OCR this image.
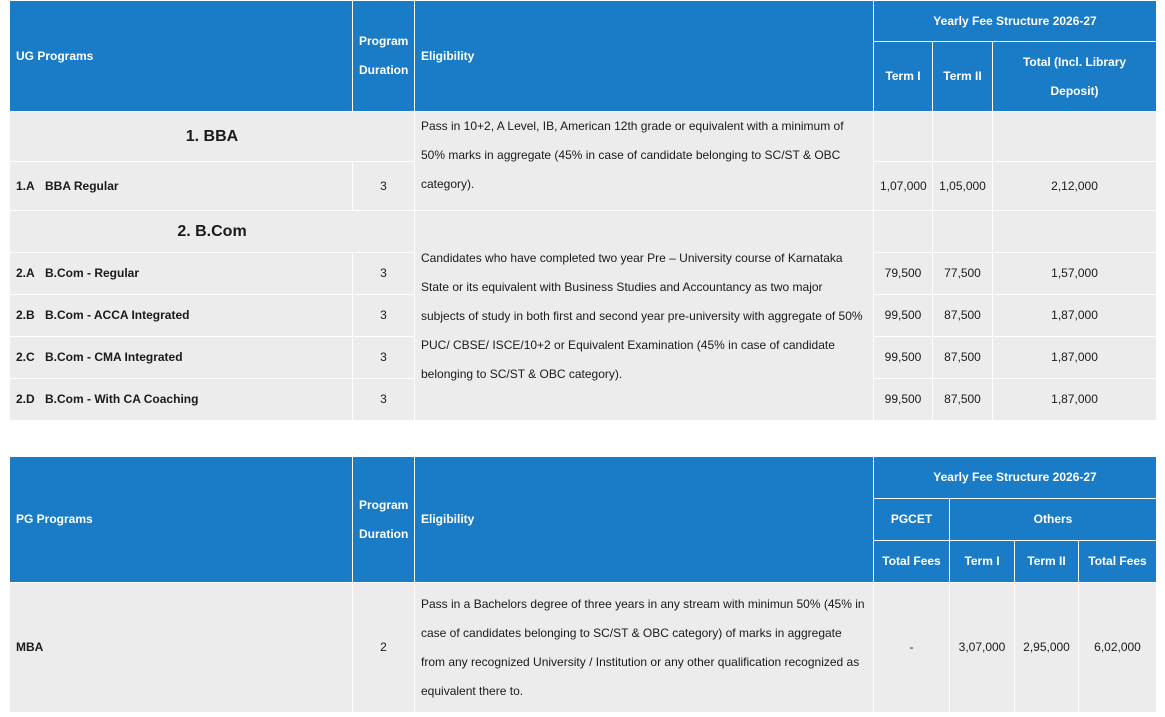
UG Programs	Program Duration	Eligibility	Yearly Fee Structure 2026-27		
			Term I	Term II	Total (Incl. Library Deposit)
1. BBA		Pass in 10+2, A Level, IB, American 12th grade or equivalent with a minimum of 50% marks in aggregate (45% in case of candidate belonging to SC/ST & OBC category).			
1.A BBA Regular	3		1,07,000	1,05,000	2,12,000
2. B.Com		Candidates who have completed two year Pre – University course of Karnataka State or its equivalent with Business Studies and Accountancy as two major subjects of study in both first and second year pre-university with aggregate of 50% PUC/ CBSE/ ISCE/10+2 or Equivalent Examination (45% in case of candidate belonging to SC/ST & OBC category).			
2.A B.Com - Regular	3		79,500	77,500	1,57,000
2.B B.Com - ACCA Integrated	3		99,500	87,500	1,87,000
2.C B.Com - CMA Integrated	3		99,500	87,500	1,87,000
2.D B.Com - With CA Coaching	3		99,500	87,500	1,87,000
PG Programs	Program Duration	Eligibility	Yearly Fee Structure 2026-27			
			PGCET	Others		
			Total Fees	Term I	Term II	Total Fees
MBA	2	Pass in a Bachelors degree of three years in any stream with minimun 50% (45% in case of candidates belonging to SC/ST & OBC category) of marks in aggregate from any recognized University / Institution or any other qualification recognized as equivalent there to.	-	3,07,000	2,95,000	6,02,000
